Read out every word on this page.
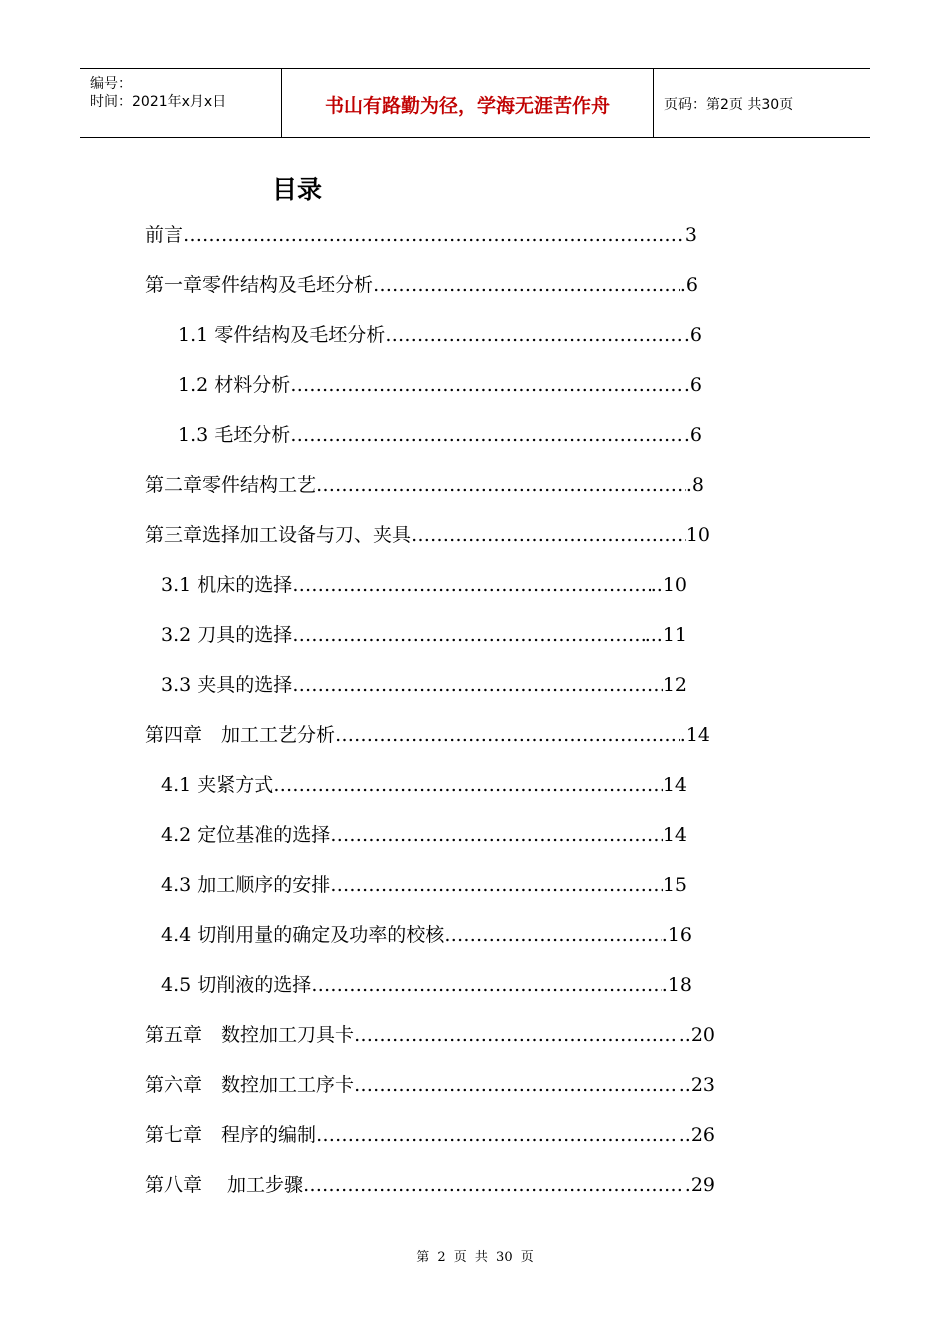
编号：
时间：2021年x月x日	书山有路勤为径，学海无涯苦作舟	页码：第2页 共30页
目录
前言 …………………………………………………………………………………………………………………………………………	3
第一章零件结构及毛坯分析 …………………………………………………………………………………………………………………………………………	.6
1.1 零件结构及毛坯分析 …………………………………………………………………………………………………………………………………………	.6
1.2 材料分析 …………………………………………………………………………………………………………………………………………	.6
1.3 毛坯分析 …………………………………………………………………………………………………………………………………………	.6
第二章零件结构工艺 …………………………………………………………………………………………………………………………………………	.8
第三章选择加工设备与刀、夹具 …………………………………………………………………………………………………………………………………………	10
3.1 机床的选择 …………………………………………………………………………………………………………………………………………	..10
3.2 刀具的选择 …………………………………………………………………………………………………………………………………………	...11
3.3 夹具的选择 …………………………………………………………………………………………………………………………………………	12
第四章　加工工艺分析 …………………………………………………………………………………………………………………………………………	.14
4.1 夹紧方式 …………………………………………………………………………………………………………………………………………	14
4.2 定位基准的选择 …………………………………………………………………………………………………………………………………………	14
4.3 加工顺序的安排 …………………………………………………………………………………………………………………………………………	15
4.4 切削用量的确定及功率的校核 …………………………………………………………………………………………………………………………………………	.16
4.5 切削液的选择 …………………………………………………………………………………………………………………………………………	.18
第五章　数控加工刀具卡 …………………………………………………………………………………………………………………………………………	..20
第六章　数控加工工序卡 …………………………………………………………………………………………………………………………………………	..23
第七章　程序的编制 …………………………………………………………………………………………………………………………………………	..26
第八章　 加工步骤 …………………………………………………………………………………………………………………………………………	.29
第 2 页 共 30 页
